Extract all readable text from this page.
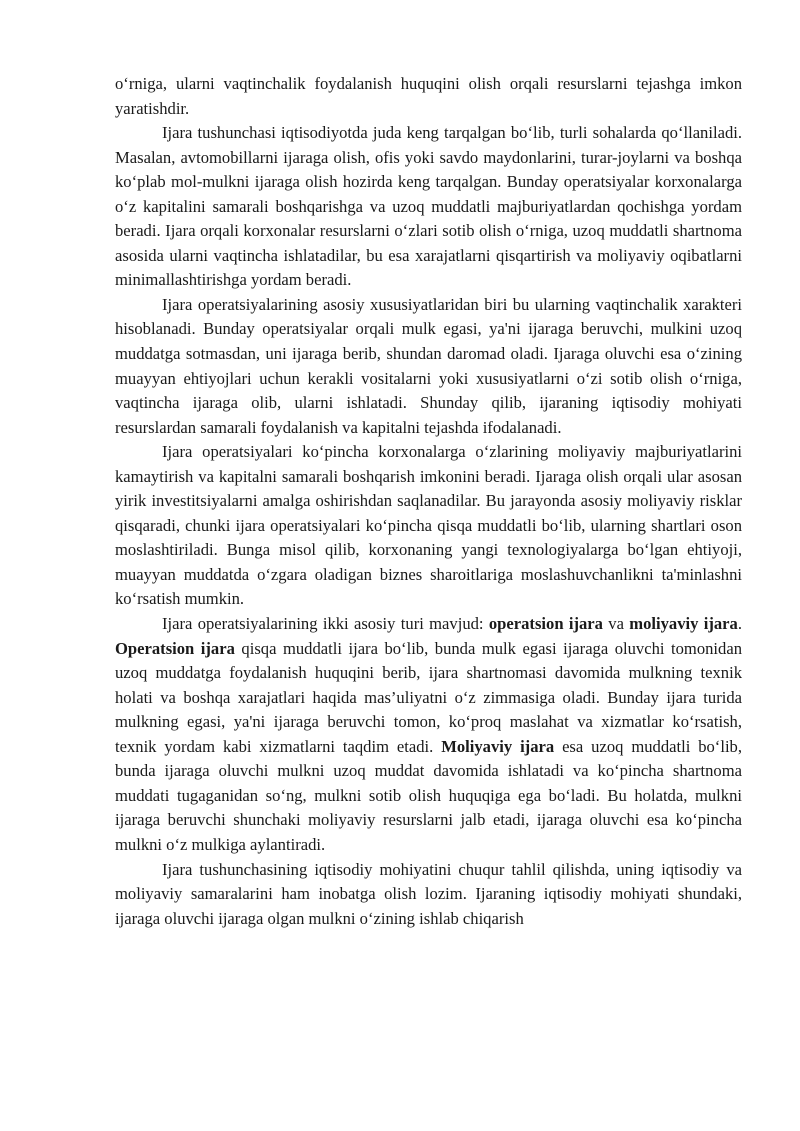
o‘rniga, ularni vaqtinchalik foydalanish huquqini olish orqali resurslarni tejashga imkon yaratishdir.

Ijara tushunchasi iqtisodiyotda juda keng tarqalgan bo‘lib, turli sohalarda qo‘llaniladi. Masalan, avtomobillarni ijaraga olish, ofis yoki savdo maydonlarini, turar-joylarni va boshqa ko‘plab mol-mulkni ijaraga olish hozirda keng tarqalgan. Bunday operatsiyalar korxonalarga o‘z kapitalini samarali boshqarishga va uzoq muddatli majburiyatlardan qochishga yordam beradi. Ijara orqali korxonalar resurslarni o‘zlari sotib olish o‘rniga, uzoq muddatli shartnoma asosida ularni vaqtincha ishlatadilar, bu esa xarajatlarni qisqartirish va moliyaviy oqibatlarni minimallashtirishga yordam beradi.

Ijara operatsiyalarining asosiy xususiyatlaridan biri bu ularning vaqtinchalik xarakteri hisoblanadi. Bunday operatsiyalar orqali mulk egasi, ya'ni ijaraga beruvchi, mulkini uzoq muddatga sotmasdan, uni ijaraga berib, shundan daromad oladi. Ijaraga oluvchi esa o‘zining muayyan ehtiyojlari uchun kerakli vositalarni yoki xususiyatlarni o‘zi sotib olish o‘rniga, vaqtincha ijaraga olib, ularni ishlatadi. Shunday qilib, ijaraning iqtisodiy mohiyati resurslardan samarali foydalanish va kapitalni tejashda ifodalanadi.

Ijara operatsiyalari ko‘pincha korxonalarga o‘zlarining moliyaviy majburiyatlarini kamaytirish va kapitalni samarali boshqarish imkonini beradi. Ijaraga olish orqali ular asosan yirik investitsiyalarni amalga oshirishdan saqlanadilar. Bu jarayonda asosiy moliyaviy risklar qisqaradi, chunki ijara operatsiyalari ko‘pincha qisqa muddatli bo‘lib, ularning shartlari oson moslashtiriladi. Bunga misol qilib, korxonaning yangi texnologiyalarga bo‘lgan ehtiyoji, muayyan muddatda o‘zgara oladigan biznes sharoitlariga moslashuvchanlikni ta'minlashni ko‘rsatish mumkin.

Ijara operatsiyalarining ikki asosiy turi mavjud: operatsion ijara va moliyaviy ijara. Operatsion ijara qisqa muddatli ijara bo‘lib, bunda mulk egasi ijaraga oluvchi tomonidan uzoq muddatga foydalanish huquqini berib, ijara shartnomasi davomida mulkning texnik holati va boshqa xarajatlari haqida mas’uliyatni o‘z zimmasiga oladi. Bunday ijara turida mulkning egasi, ya'ni ijaraga beruvchi tomon, ko‘proq maslahat va xizmatlar ko‘rsatish, texnik yordam kabi xizmatlarni taqdim etadi. Moliyaviy ijara esa uzoq muddatli bo‘lib, bunda ijaraga oluvchi mulkni uzoq muddat davomida ishlatadi va ko‘pincha shartnoma muddati tugaganidan so‘ng, mulkni sotib olish huquqiga ega bo‘ladi. Bu holatda, mulkni ijaraga beruvchi shunchaki moliyaviy resurslarni jalb etadi, ijaraga oluvchi esa ko‘pincha mulkni o‘z mulkiga aylantiradi.

Ijara tushunchasining iqtisodiy mohiyatini chuqur tahlil qilishda, uning iqtisodiy va moliyaviy samaralarini ham inobatga olish lozim. Ijaraning iqtisodiy mohiyati shundaki, ijaraga oluvchi ijaraga olgan mulkni o‘zining ishlab chiqarish
